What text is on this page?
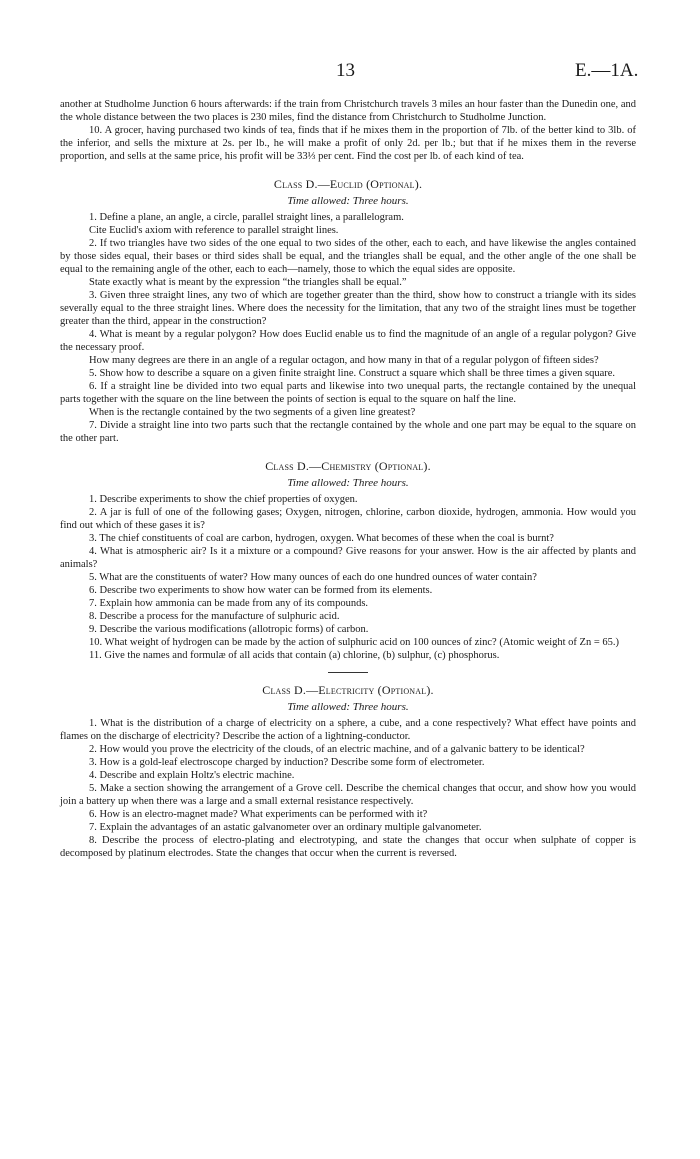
13	E.—1A.

another at Studholme Junction 6 hours afterwards: if the train from Christchurch travels 3 miles an hour faster than the Dunedin one, and the whole distance between the two places is 230 miles, find the distance from Christchurch to Studholme Junction.

10. A grocer, having purchased two kinds of tea, finds that if he mixes them in the proportion of 7lb. of the better kind to 3lb. of the inferior, and sells the mixture at 2s. per lb., he will make a profit of only 2d. per lb.; but that if he mixes them in the reverse proportion, and sells at the same price, his profit will be 33⅓ per cent. Find the cost per lb. of each kind of tea.

Class D.—Euclid (Optional).
Time allowed: Three hours.

1. Define a plane, an angle, a circle, parallel straight lines, a parallelogram.

Cite Euclid's axiom with reference to parallel straight lines.

2. If two triangles have two sides of the one equal to two sides of the other, each to each, and have likewise the angles contained by those sides equal, their bases or third sides shall be equal, and the triangles shall be equal, and the other angle of the one shall be equal to the remaining angle of the other, each to each—namely, those to which the equal sides are opposite.

State exactly what is meant by the expression “the triangles shall be equal.”

3. Given three straight lines, any two of which are together greater than the third, show how to construct a triangle with its sides severally equal to the three straight lines. Where does the necessity for the limitation, that any two of the straight lines must be together greater than the third, appear in the construction?

4. What is meant by a regular polygon? How does Euclid enable us to find the magnitude of an angle of a regular polygon? Give the necessary proof.

How many degrees are there in an angle of a regular octagon, and how many in that of a regular polygon of fifteen sides?

5. Show how to describe a square on a given finite straight line. Construct a square which shall be three times a given square.

6. If a straight line be divided into two equal parts and likewise into two unequal parts, the rectangle contained by the unequal parts together with the square on the line between the points of section is equal to the square on half the line.

When is the rectangle contained by the two segments of a given line greatest?

7. Divide a straight line into two parts such that the rectangle contained by the whole and one part may be equal to the square on the other part.

Class D.—Chemistry (Optional).
Time allowed: Three hours.

1. Describe experiments to show the chief properties of oxygen.

2. A jar is full of one of the following gases; Oxygen, nitrogen, chlorine, carbon dioxide, hydrogen, ammonia. How would you find out which of these gases it is?

3. The chief constituents of coal are carbon, hydrogen, oxygen. What becomes of these when the coal is burnt?

4. What is atmospheric air? Is it a mixture or a compound? Give reasons for your answer. How is the air affected by plants and animals?

5. What are the constituents of water? How many ounces of each do one hundred ounces of water contain?

6. Describe two experiments to show how water can be formed from its elements.

7. Explain how ammonia can be made from any of its compounds.

8. Describe a process for the manufacture of sulphuric acid.

9. Describe the various modifications (allotropic forms) of carbon.

10. What weight of hydrogen can be made by the action of sulphuric acid on 100 ounces of zinc? (Atomic weight of Zn = 65.)

11. Give the names and formulæ of all acids that contain (a) chlorine, (b) sulphur, (c) phosphorus.

Class D.—Electricity (Optional).
Time allowed: Three hours.

1. What is the distribution of a charge of electricity on a sphere, a cube, and a cone respectively? What effect have points and flames on the discharge of electricity? Describe the action of a lightning-conductor.

2. How would you prove the electricity of the clouds, of an electric machine, and of a galvanic battery to be identical?

3. How is a gold-leaf electroscope charged by induction? Describe some form of electrometer.

4. Describe and explain Holtz's electric machine.

5. Make a section showing the arrangement of a Grove cell. Describe the chemical changes that occur, and show how you would join a battery up when there was a large and a small external resistance respectively.

6. How is an electro-magnet made? What experiments can be performed with it?

7. Explain the advantages of an astatic galvanometer over an ordinary multiple galvanometer.

8. Describe the process of electro-plating and electrotyping, and state the changes that occur when sulphate of copper is decomposed by platinum electrodes. State the changes that occur when the current is reversed.
